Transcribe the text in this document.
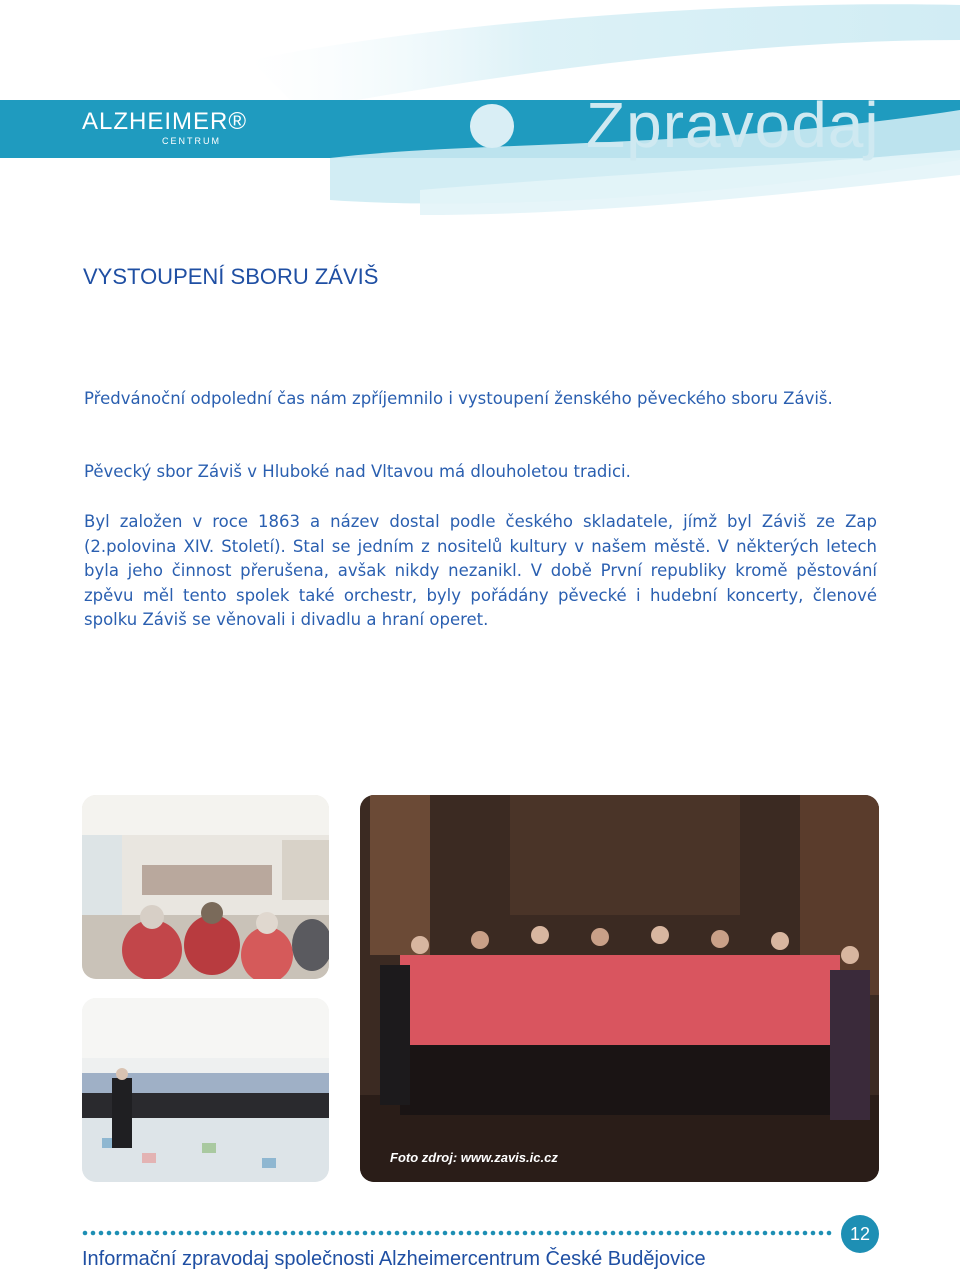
ALZHEIMER®
CENTRUM	Zpravodaj
VYSTOUPENÍ SBORU ZÁVIŠ

Předvánoční odpolední čas nám zpříjemnilo i vystoupení ženského pěveckého sboru Záviš.

Pěvecký sbor Záviš v Hluboké nad Vltavou má dlouholetou tradici.

Byl založen v roce 1863 a název dostal podle českého skladatele, jímž byl Záviš ze Zap (2.polovina XIV. Století). Stal se jedním z nositelů kultury v našem městě. V některých letech byla jeho činnost přerušena, avšak nikdy nezanikl. V době První republiky kromě pěstování zpěvu měl tento spolek také orchestr, byly pořádány pěvecké i hudební koncerty, členové spolku Záviš se věnovali i divadlu a hraní operet.

Foto zdroj: www.zavis.ic.cz
12
Informační zpravodaj společnosti Alzheimercentrum České Budějovice
